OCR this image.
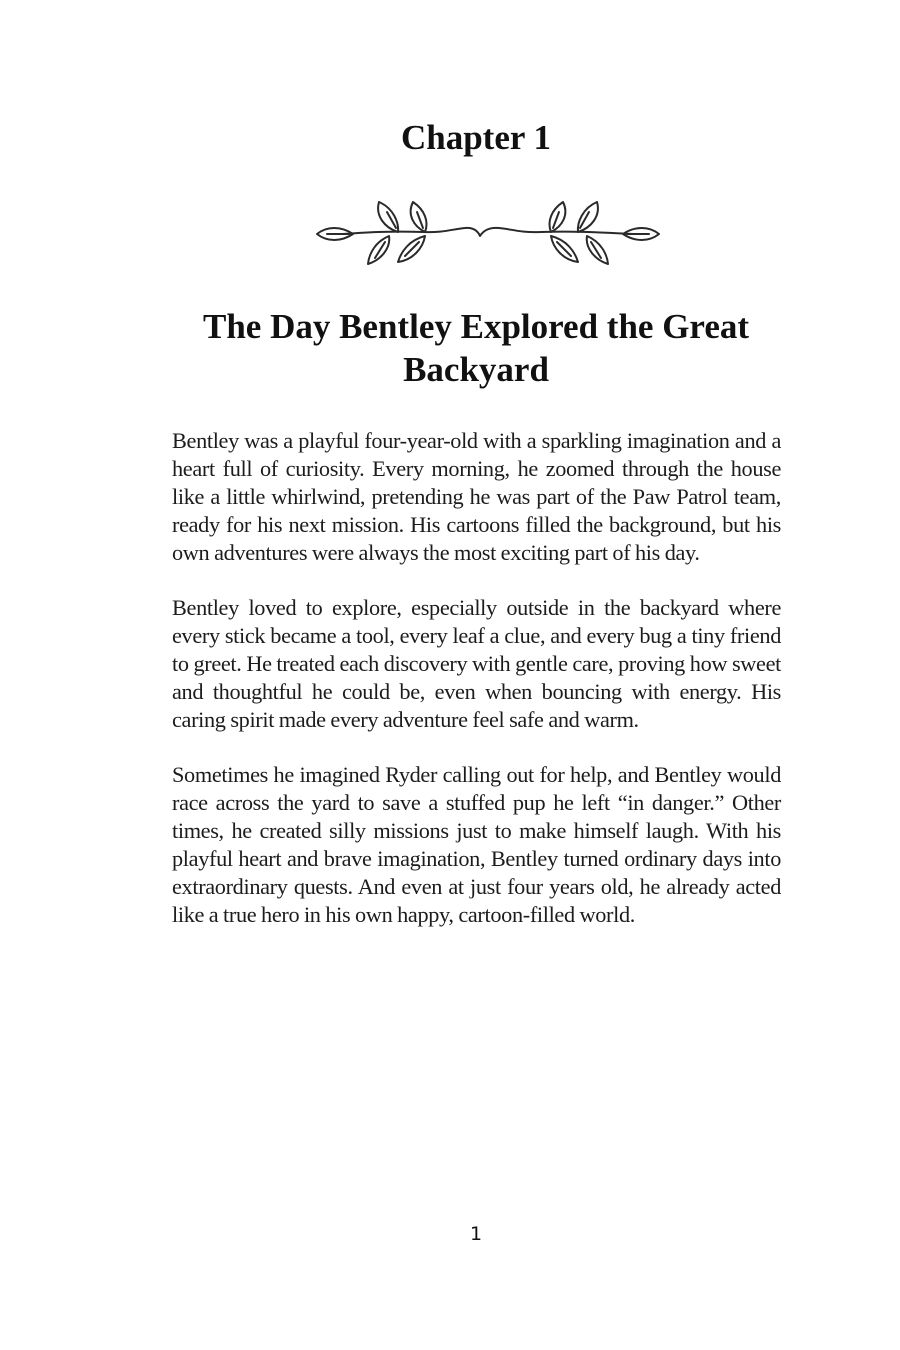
Chapter 1
The Day Bentley Explored the Great Backyard

Bentley was a playful four-year-old with a sparkling imagination and a heart full of curiosity. Every morning, he zoomed through the house like a little whirlwind, pretending he was part of the Paw Patrol team, ready for his next mission. His cartoons filled the background, but his own adventures were always the most exciting part of his day.

Bentley loved to explore, especially outside in the backyard where every stick became a tool, every leaf a clue, and every bug a tiny friend to greet. He treated each discovery with gentle care, proving how sweet and thoughtful he could be, even when bouncing with energy. His caring spirit made every adventure feel safe and warm.

Sometimes he imagined Ryder calling out for help, and Bentley would race across the yard to save a stuffed pup he left “in danger.” Other times, he created silly missions just to make himself laugh. With his playful heart and brave imagination, Bentley turned ordinary days into extraordinary quests. And even at just four years old, he already acted like a true hero in his own happy, cartoon-filled world.

1
